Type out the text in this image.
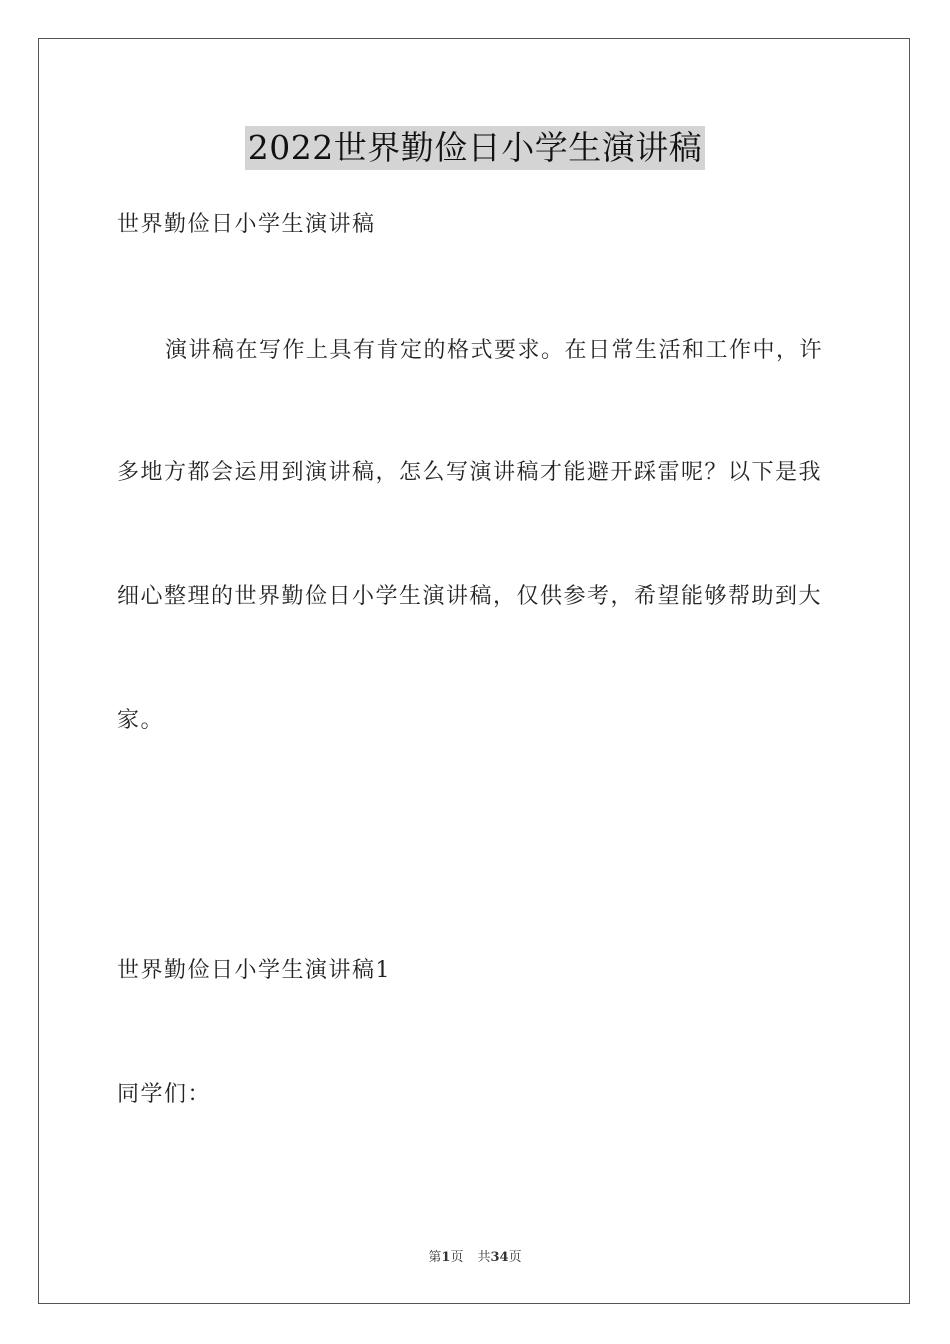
2022世界勤俭日小学生演讲稿
世界勤俭日小学生演讲稿
演讲稿在写作上具有肯定的格式要求。在日常生活和工作中，许
多地方都会运用到演讲稿，怎么写演讲稿才能避开踩雷呢？以下是我
细心整理的世界勤俭日小学生演讲稿，仅供参考，希望能够帮助到大
家。
世界勤俭日小学生演讲稿1
同学们：
第1页 共34页
